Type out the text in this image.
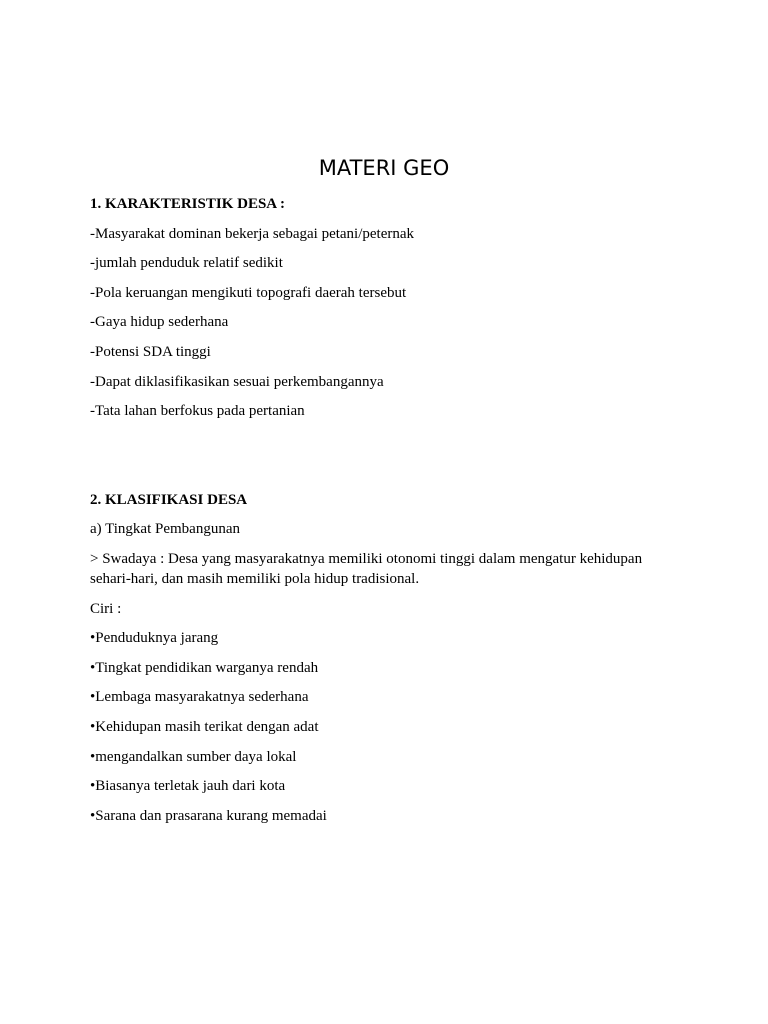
MATERI GEO

1. KARAKTERISTIK DESA :

-Masyarakat dominan bekerja sebagai petani/peternak

-jumlah penduduk relatif sedikit

-Pola keruangan mengikuti topografi daerah tersebut

-Gaya hidup sederhana

-Potensi SDA tinggi

-Dapat diklasifikasikan sesuai perkembangannya

-Tata lahan berfokus pada pertanian

2. KLASIFIKASI DESA

a) Tingkat Pembangunan

> Swadaya : Desa yang masyarakatnya memiliki otonomi tinggi dalam mengatur kehidupan sehari-hari, dan masih memiliki pola hidup tradisional.

Ciri :

•Penduduknya jarang

•Tingkat pendidikan warganya rendah

•Lembaga masyarakatnya sederhana

•Kehidupan masih terikat dengan adat

•mengandalkan sumber daya lokal

•Biasanya terletak jauh dari kota

•Sarana dan prasarana kurang memadai
